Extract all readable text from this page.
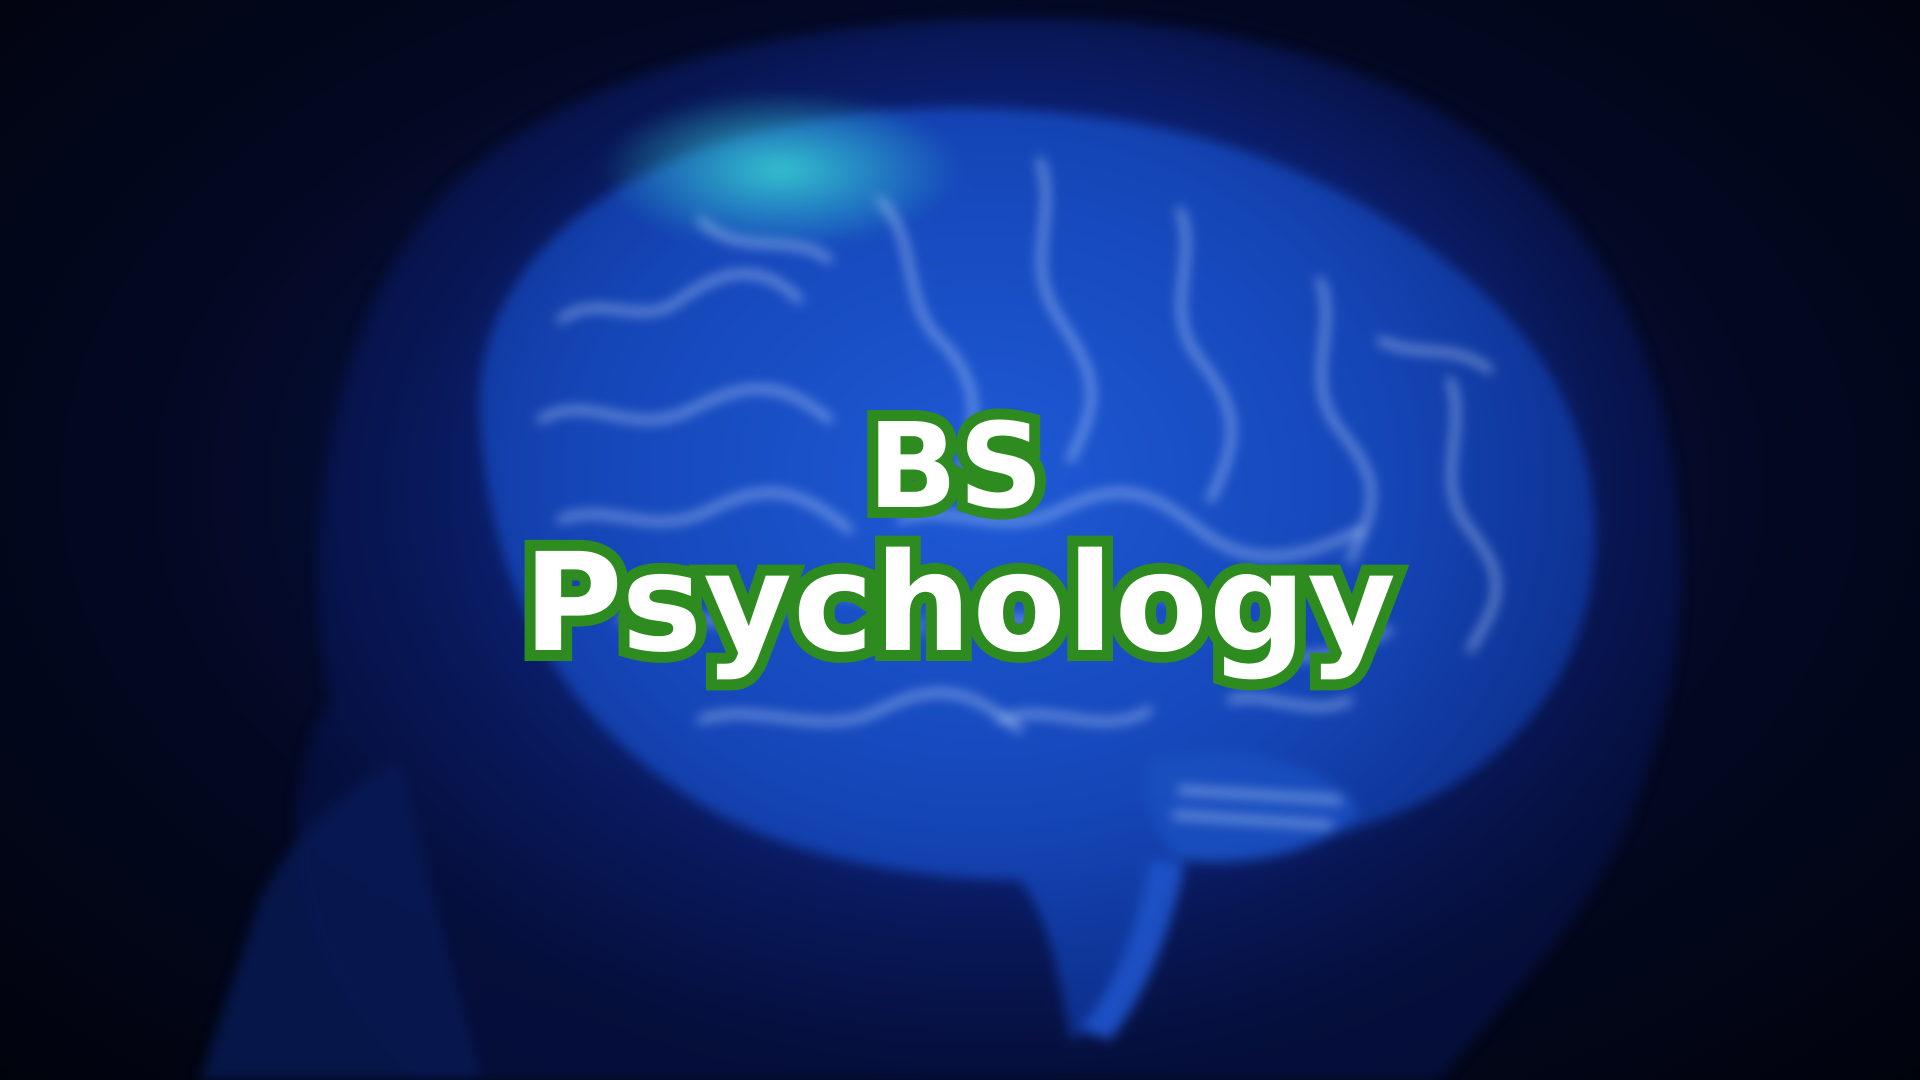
BS
Psychology
